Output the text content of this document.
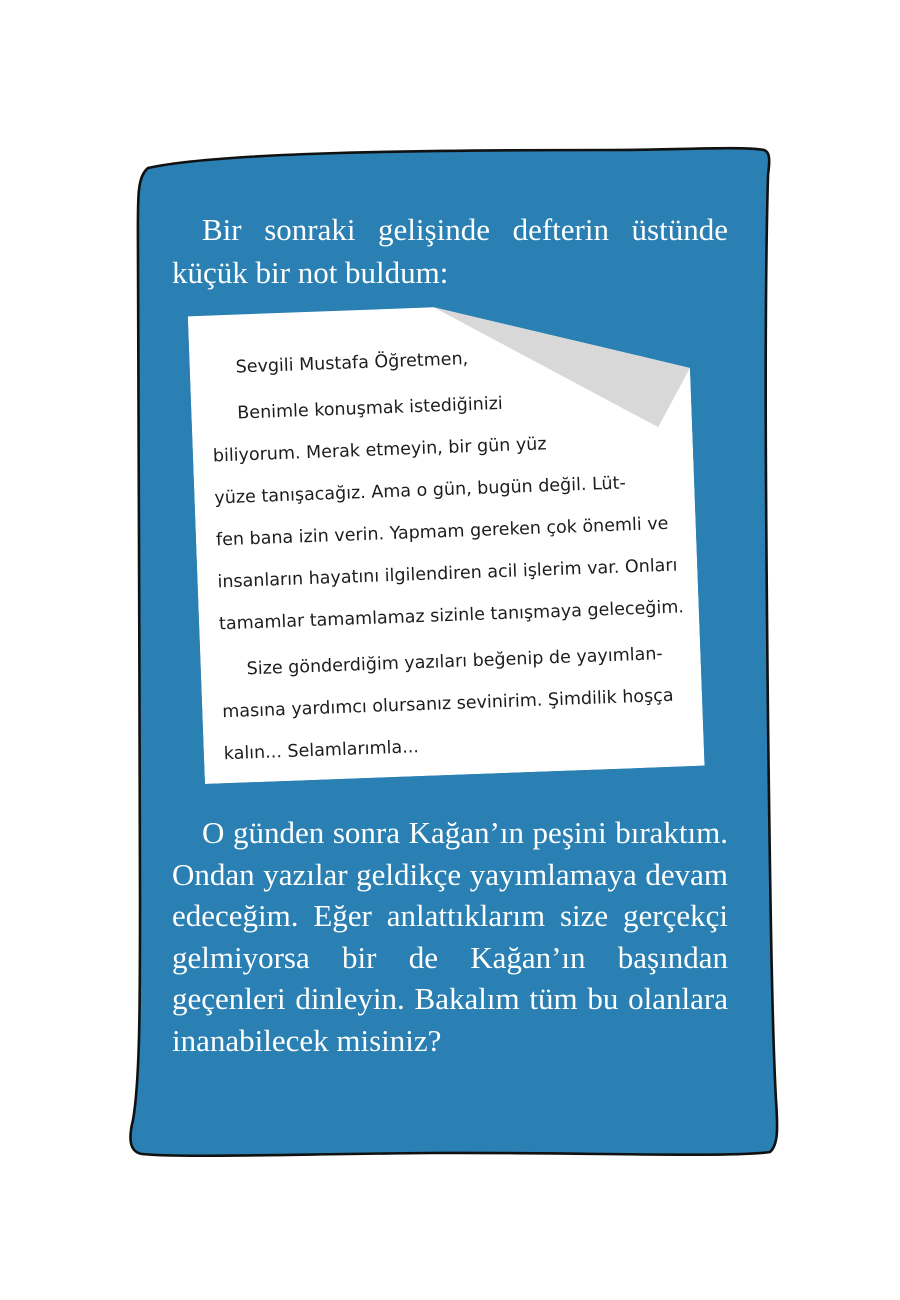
Bir sonraki gelişinde defterin üstünde küçük bir not buldum:

Sevgili Mustafa Öğretmen,

Benimle konuşmak istediğinizi

biliyorum. Merak etmeyin, bir gün yüz

yüze tanışacağız. Ama o gün, bugün değil. Lüt-

fen bana izin verin. Yapmam gereken çok önemli ve

insanların hayatını ilgilendiren acil işlerim var. Onları

tamamlar tamamlamaz sizinle tanışmaya geleceğim.

Size gönderdiğim yazıları beğenip de yayımlan-

masına yardımcı olursanız sevinirim. Şimdilik hoşça

kalın... Selamlarımla...

O günden sonra Kağan’ın peşini bıraktım. Ondan yazılar geldikçe yayımlamaya devam edeceğim. Eğer anlattıklarım size gerçekçi gelmiyorsa bir de Kağan’ın başından geçenleri dinleyin. Bakalım tüm bu olanlara inanabilecek misiniz?
